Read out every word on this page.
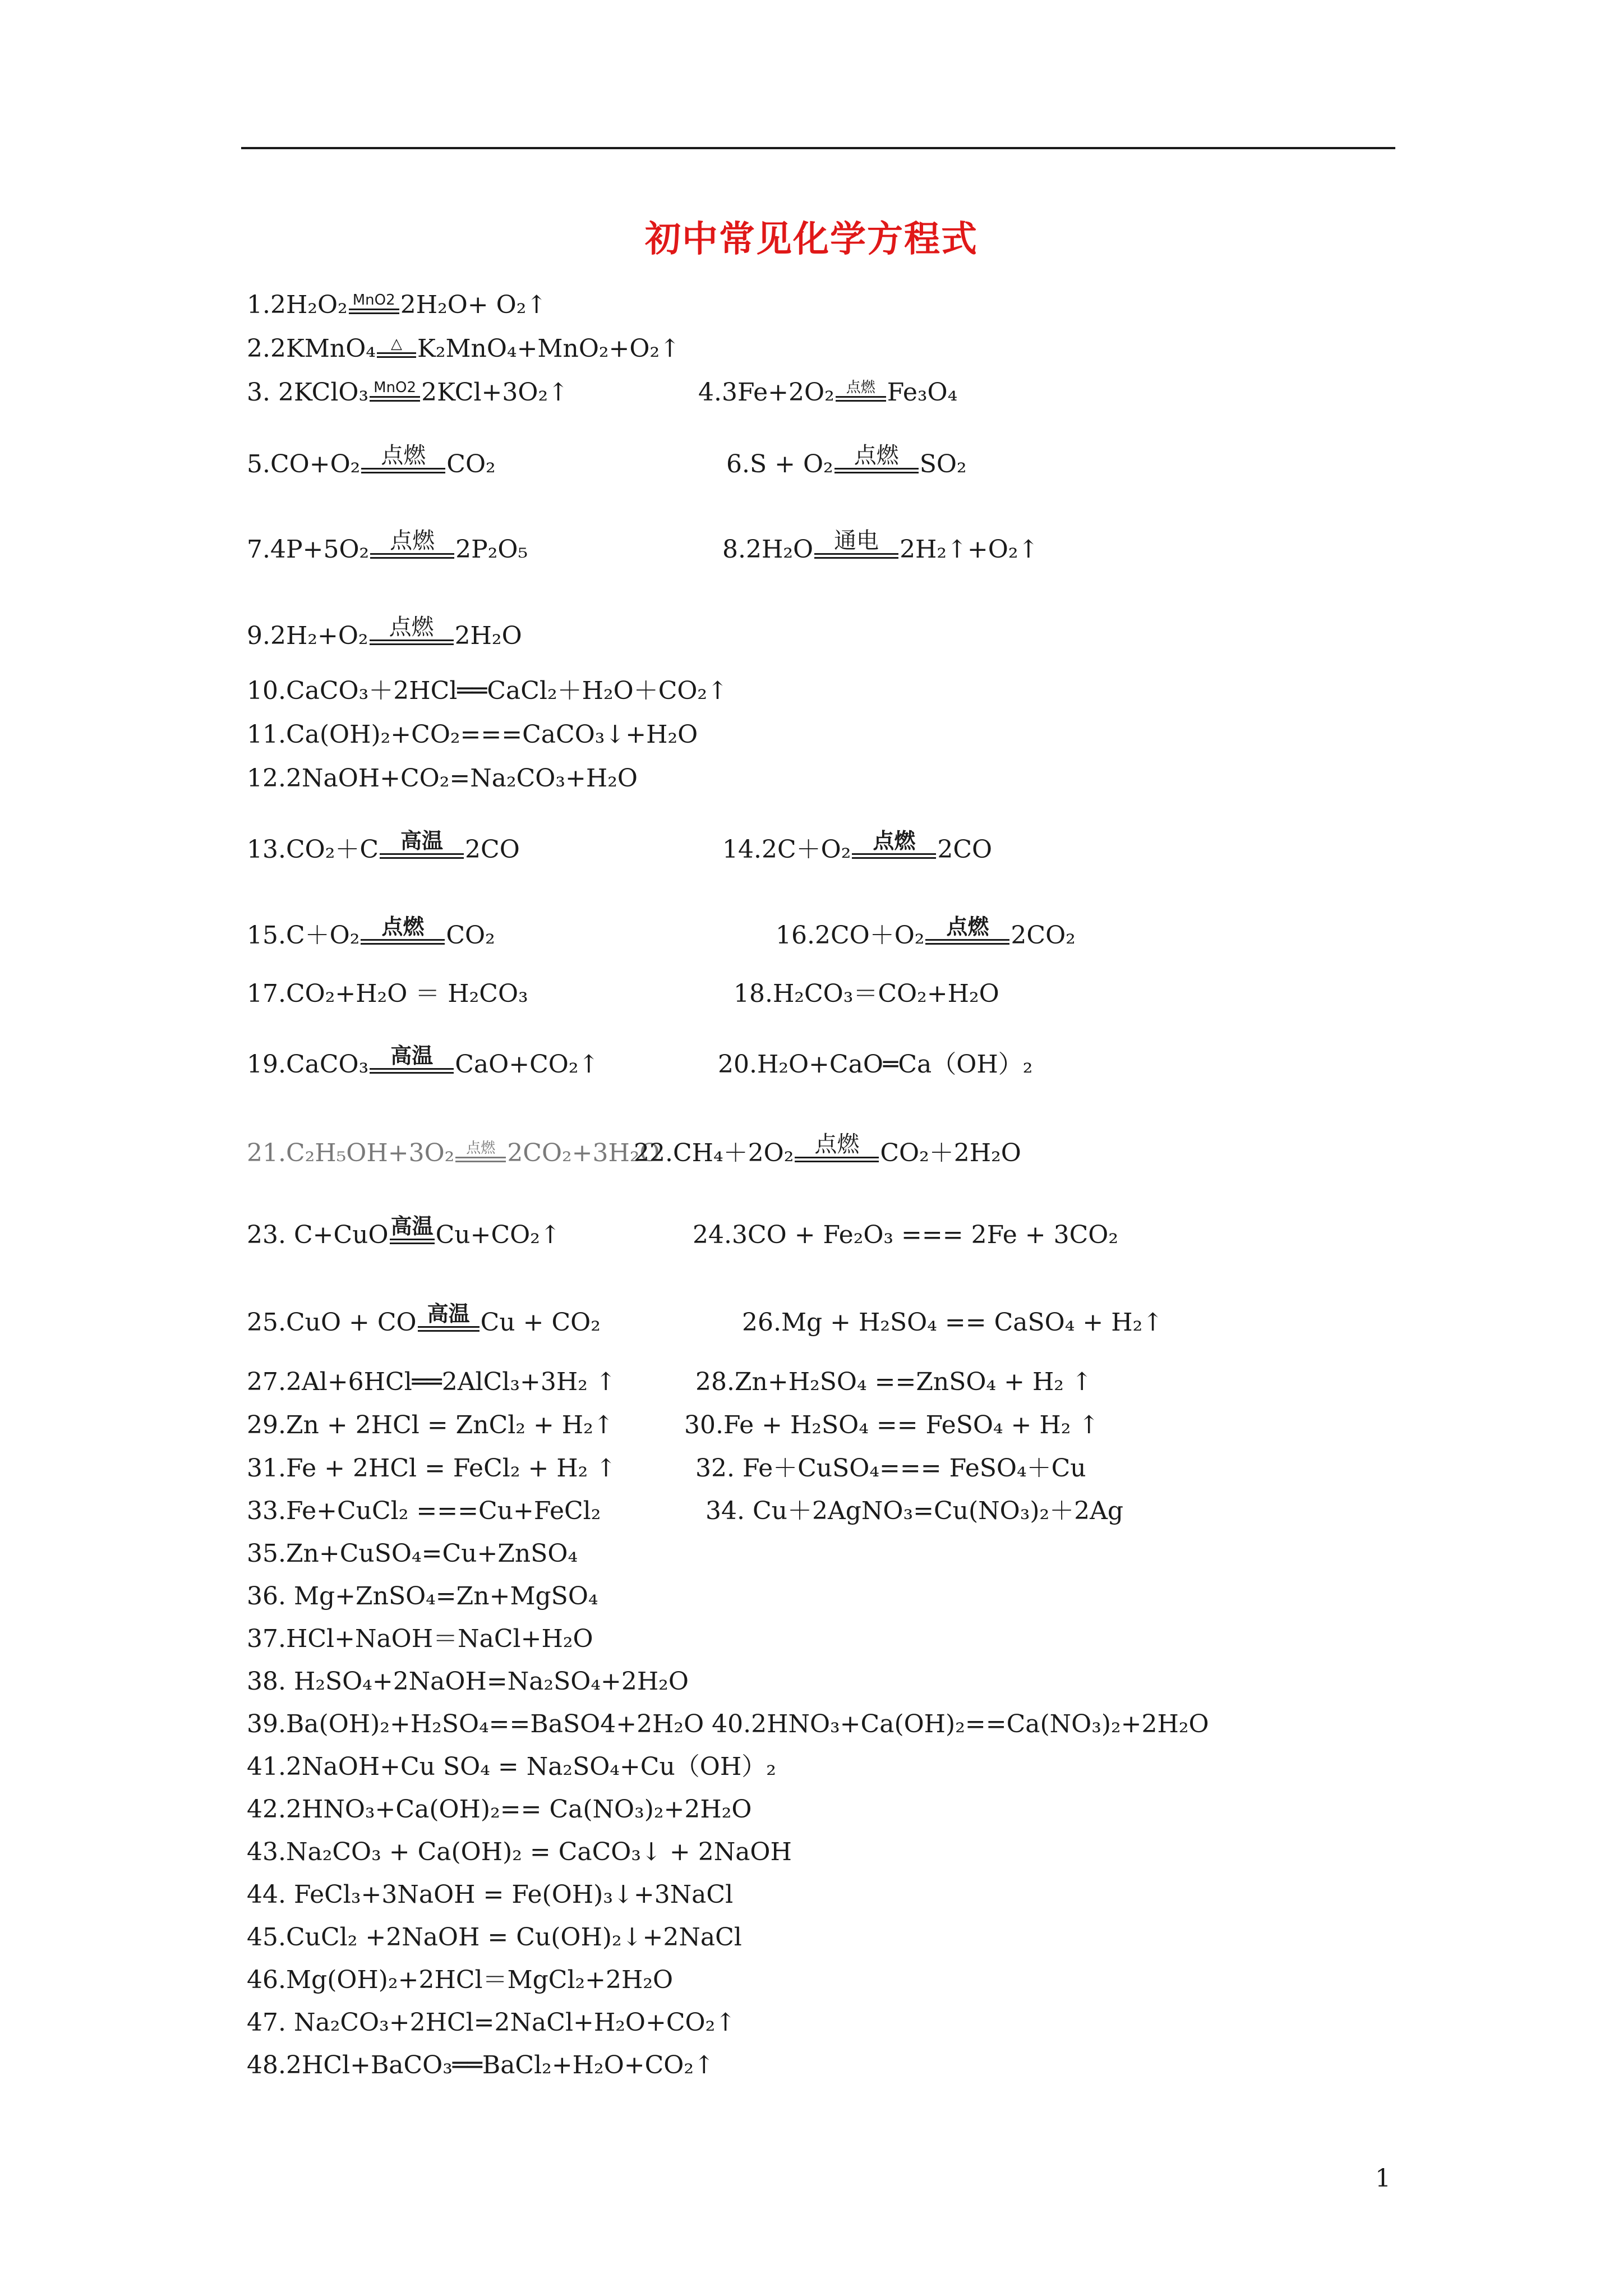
初中常见化学方程式
1.2H₂O₂ MnO2 2H₂O+ O₂↑
2.2KMnO₄ △ K₂MnO₄+MnO₂+O₂↑
3. 2KClO₃ MnO2 2KCl+3O₂↑	4.3Fe+2O₂ 点燃 Fe₃O₄
5.CO+O₂ 点燃 CO₂	6.S + O₂ 点燃 SO₂
7.4P+5O₂ 点燃 2P₂O₅	8.2H₂O 通电 2H₂↑+O₂↑
9.2H₂+O₂ 点燃 2H₂O
10.CaCO₃＋2HCl══CaCl₂＋H₂O＋CO₂↑
11.Ca(OH)₂+CO₂===CaCO₃↓+H₂O
12.2NaOH+CO₂=Na₂CO₃+H₂O
13.CO₂＋C 高温 2CO	14.2C＋O₂ 点燃 2CO
15.C＋O₂ 点燃 CO₂	16.2CO＋O₂ 点燃 2CO₂
17.CO₂+H₂O ＝ H₂CO₃	18.H₂CO₃＝CO₂+H₂O
19.CaCO₃ 高温 CaO+CO₂↑	20.H₂O+CaO═Ca（OH）₂
21.C₂H₅OH+3O₂ 点燃 2CO₂+3H₂O
22.CH₄＋2O₂ 点燃 CO₂＋2H₂O
23. C+CuO 高温 Cu+CO₂↑	24.3CO + Fe₂O₃ === 2Fe + 3CO₂
25.CuO + CO 高温 Cu + CO₂	26.Mg + H₂SO₄ == CaSO₄ + H₂↑
27.2Al+6HCl══2AlCl₃+3H₂ ↑	28.Zn+H₂SO₄ ==ZnSO₄ + H₂ ↑
29.Zn + 2HCl = ZnCl₂ + H₂↑	30.Fe + H₂SO₄ == FeSO₄ + H₂ ↑
31.Fe + 2HCl = FeCl₂ + H₂ ↑	32. Fe＋CuSO₄=== FeSO₄＋Cu
33.Fe+CuCl₂ ===Cu+FeCl₂	34. Cu＋2AgNO₃=Cu(NO₃)₂＋2Ag
35.Zn+CuSO₄=Cu+ZnSO₄
36. Mg+ZnSO₄=Zn+MgSO₄
37.HCl+NaOH＝NaCl+H₂O
38. H₂SO₄+2NaOH=Na₂SO₄+2H₂O
39.Ba(OH)₂+H₂SO₄==BaSO4+2H₂O 40.2HNO₃+Ca(OH)₂==Ca(NO₃)₂+2H₂O
41.2NaOH+Cu SO₄ = Na₂SO₄+Cu（OH）₂
42.2HNO₃+Ca(OH)₂== Ca(NO₃)₂+2H₂O
43.Na₂CO₃ + Ca(OH)₂ = CaCO₃↓ + 2NaOH
44. FeCl₃+3NaOH = Fe(OH)₃↓+3NaCl
45.CuCl₂ +2NaOH = Cu(OH)₂↓+2NaCl
46.Mg(OH)₂+2HCl＝MgCl₂+2H₂O
47. Na₂CO₃+2HCl=2NaCl+H₂O+CO₂↑
48.2HCl+BaCO₃══BaCl₂+H₂O+CO₂↑
1
